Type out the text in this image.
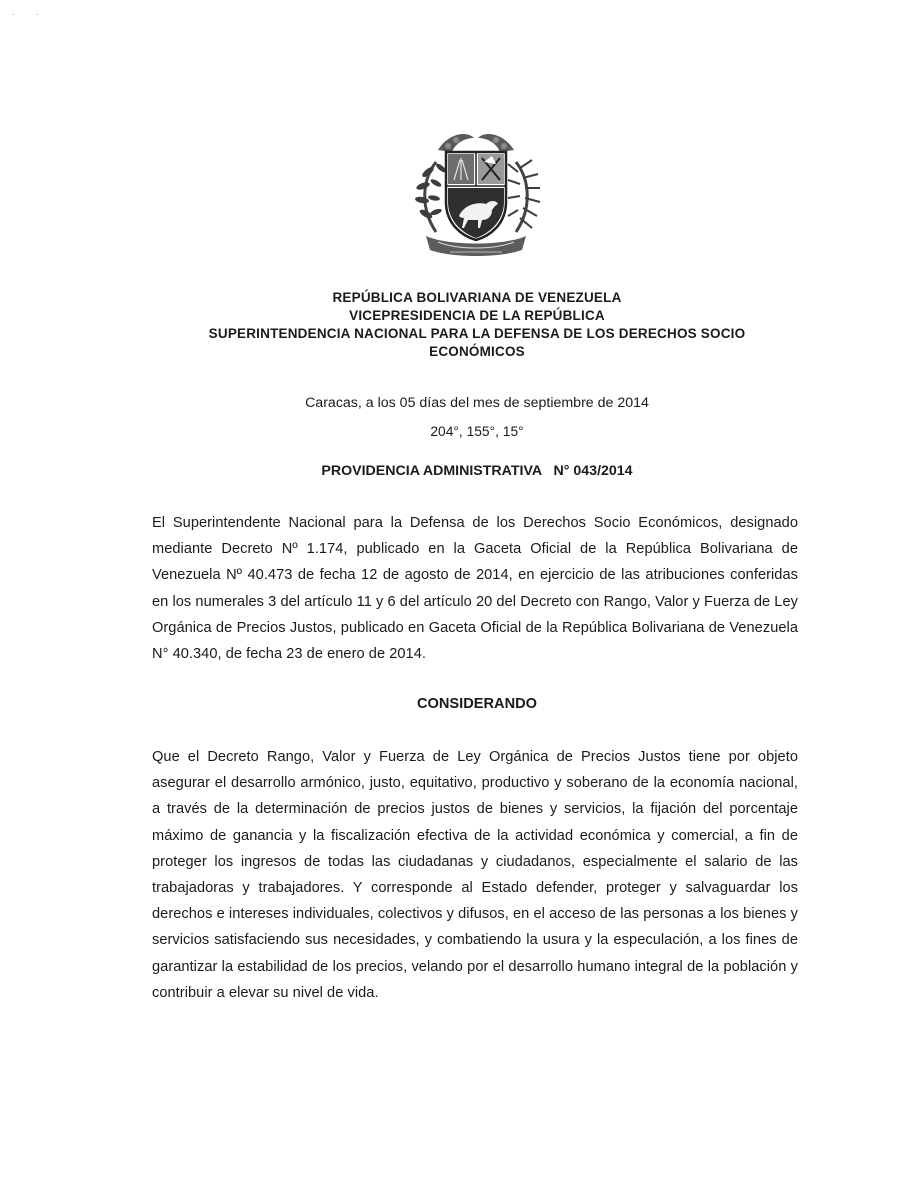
REPÚBLICA BOLIVARIANA DE VENEZUELA
VICEPRESIDENCIA DE LA REPÚBLICA
SUPERINTENDENCIA NACIONAL PARA LA DEFENSA DE LOS DERECHOS SOCIO
ECONÓMICOS
Caracas, a los 05 días del mes de septiembre de 2014
204°, 155°, 15°
PROVIDENCIA ADMINISTRATIVA N° 043/2014
El Superintendente Nacional para la Defensa de los Derechos Socio Económicos, designado mediante Decreto Nº 1.174, publicado en la Gaceta Oficial de la República Bolivariana de Venezuela Nº 40.473 de fecha 12 de agosto de 2014, en ejercicio de las atribuciones conferidas en los numerales 3 del artículo 11 y 6 del artículo 20 del Decreto con Rango, Valor y Fuerza de Ley Orgánica de Precios Justos, publicado en Gaceta Oficial de la República Bolivariana de Venezuela N° 40.340, de fecha 23 de enero de 2014.
CONSIDERANDO
Que el Decreto Rango, Valor y Fuerza de Ley Orgánica de Precios Justos tiene por objeto asegurar el desarrollo armónico, justo, equitativo, productivo y soberano de la economía nacional, a través de la determinación de precios justos de bienes y servicios, la fijación del porcentaje máximo de ganancia y la fiscalización efectiva de la actividad económica y comercial, a fin de proteger los ingresos de todas las ciudadanas y ciudadanos, especialmente el salario de las trabajadoras y trabajadores. Y corresponde al Estado defender, proteger y salvaguardar los derechos e intereses individuales, colectivos y difusos, en el acceso de las personas a los bienes y servicios satisfaciendo sus necesidades, y combatiendo la usura y la especulación, a los fines de garantizar la estabilidad de los precios, velando por el desarrollo humano integral de la población y contribuir a elevar su nivel de vida.
